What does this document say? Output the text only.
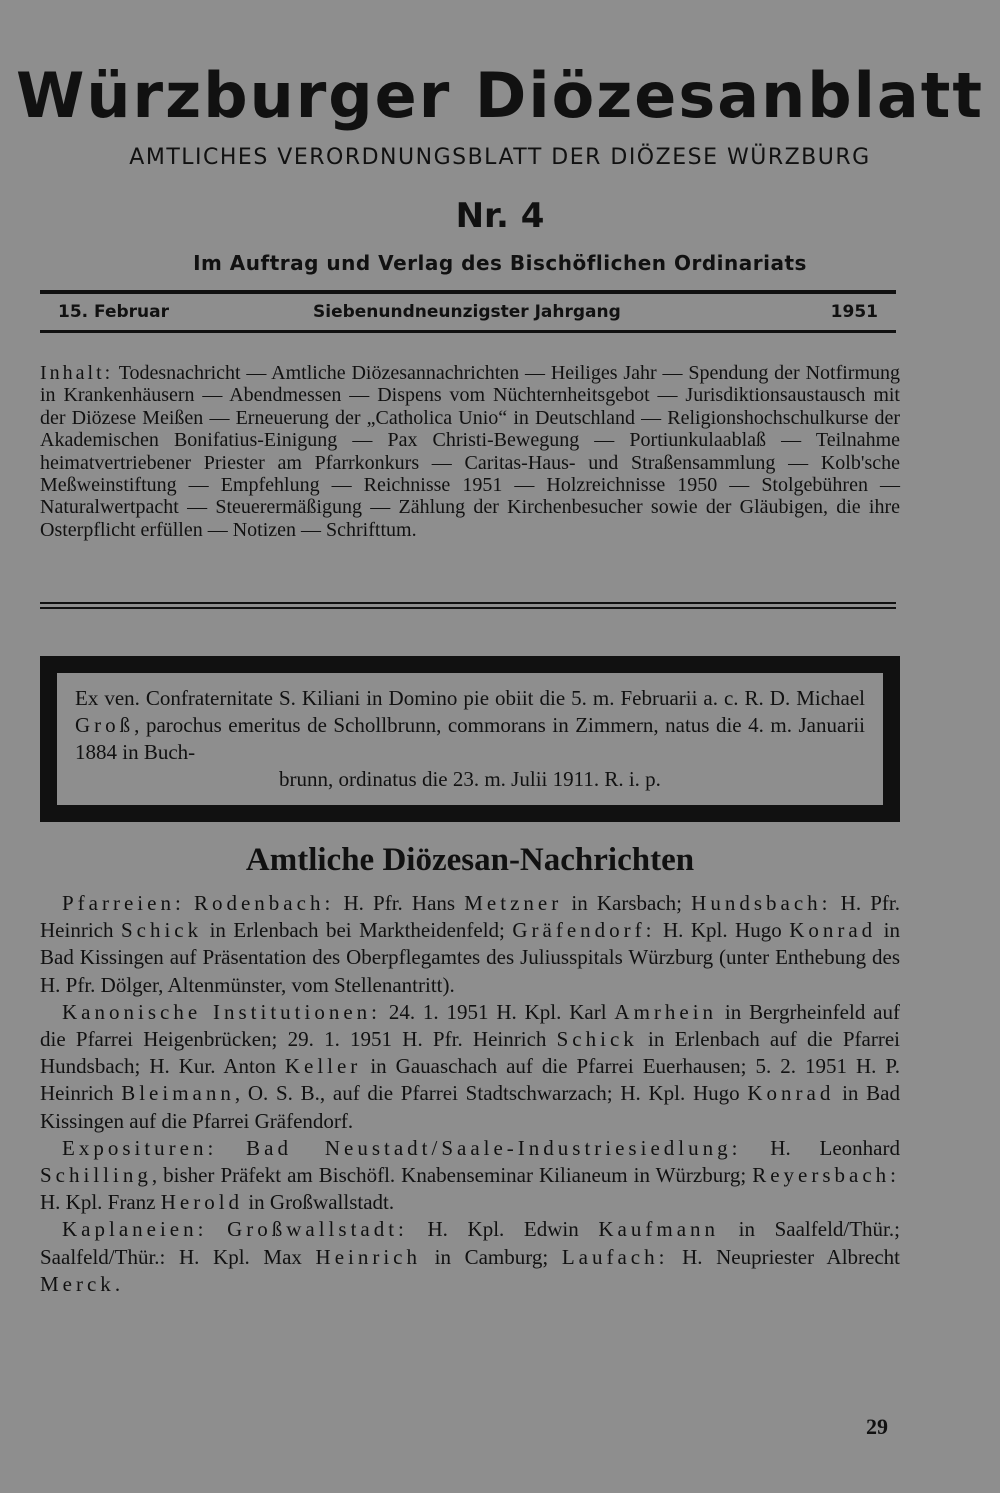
Würzburger Diözesanblatt
AMTLICHES VERORDNUNGSBLATT DER DIÖZESE WÜRZBURG
Nr. 4
Im Auftrag und Verlag des Bischöflichen Ordinariats
15. Februar	Siebenundneunzigster Jahrgang	1951
Inhalt: Todesnachricht — Amtliche Diözesannachrichten — Heiliges Jahr — Spendung der Notfirmung in Krankenhäusern — Abendmessen — Dispens vom Nüchternheitsgebot — Jurisdiktionsaustausch mit der Diözese Meißen — Erneuerung der „Catholica Unio“ in Deutschland — Religionshochschulkurse der Akademischen Bonifatius-Einigung — Pax Christi-Bewegung — Portiunkulaablaß — Teilnahme heimatvertriebener Priester am Pfarrkonkurs — Caritas-Haus- und Straßensammlung — Kolb'sche Meßweinstiftung — Empfehlung — Reichnisse 1951 — Holzreichnisse 1950 — Stolgebühren — Naturalwertpacht — Steuerermäßigung — Zählung der Kirchenbesucher sowie der Gläubigen, die ihre Osterpflicht erfüllen — Notizen — Schrifttum.
Ex ven. Confraternitate S. Kiliani in Domino pie obiit die 5. m. Februarii a. c. R. D. Michael Groß, parochus emeritus de Schollbrunn, commorans in Zimmern, natus die 4. m. Januarii 1884 in Buch-
brunn, ordinatus die 23. m. Julii 1911. R. i. p.
Amtliche Diözesan-Nachrichten

Pfarreien: Rodenbach: H. Pfr. Hans Metzner in Karsbach; Hundsbach: H. Pfr. Heinrich Schick in Erlenbach bei Marktheidenfeld; Gräfendorf: H. Kpl. Hugo Konrad in Bad Kissingen auf Präsentation des Oberpflegamtes des Juliusspitals Würzburg (unter Enthebung des H. Pfr. Dölger, Altenmünster, vom Stellenantritt).

Kanonische Institutionen: 24. 1. 1951 H. Kpl. Karl Amrhein in Bergrheinfeld auf die Pfarrei Heigenbrücken; 29. 1. 1951 H. Pfr. Heinrich Schick in Erlenbach auf die Pfarrei Hundsbach; H. Kur. Anton Keller in Gauaschach auf die Pfarrei Euerhausen; 5. 2. 1951 H. P. Heinrich Bleimann, O. S. B., auf die Pfarrei Stadtschwarzach; H. Kpl. Hugo Konrad in Bad Kissingen auf die Pfarrei Gräfendorf.

Exposituren: Bad Neustadt/Saale-Industriesiedlung: H. Leonhard Schilling, bisher Präfekt am Bischöfl. Knabenseminar Kilianeum in Würzburg; Reyersbach: H. Kpl. Franz Herold in Großwallstadt.

Kaplaneien: Großwallstadt: H. Kpl. Edwin Kaufmann in Saalfeld/Thür.; Saalfeld/Thür.: H. Kpl. Max Heinrich in Camburg; Laufach: H. Neupriester Albrecht Merck.

29
